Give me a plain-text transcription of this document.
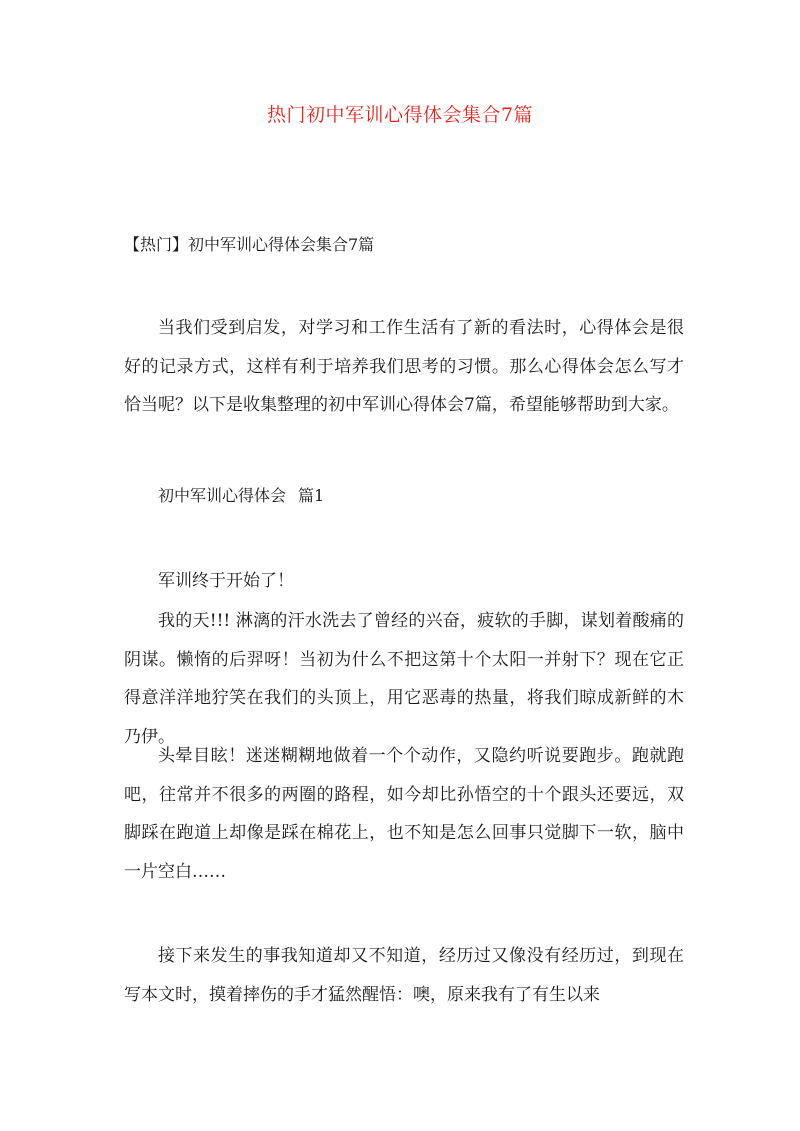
热门初中军训心得体会集合7篇
【热门】初中军训心得体会集合7篇

当我们受到启发，对学习和工作生活有了新的看法时，心得体会是很好的记录方式，这样有利于培养我们思考的习惯。那么心得体会怎么写才恰当呢？以下是收集整理的初中军训心得体会7篇，希望能够帮助到大家。

初中军训心得体会 篇1

军训终于开始了！

我的天!!! 淋漓的汗水洗去了曾经的兴奋，疲软的手脚，谋划着酸痛的阴谋。懒惰的后羿呀！当初为什么不把这第十个太阳一并射下？现在它正得意洋洋地狞笑在我们的头顶上，用它恶毒的热量，将我们晾成新鲜的木乃伊。

头晕目眩！迷迷糊糊地做着一个个动作，又隐约听说要跑步。跑就跑吧，往常并不很多的两圈的路程，如今却比孙悟空的十个跟头还要远，双脚踩在跑道上却像是踩在棉花上，也不知是怎么回事只觉脚下一软，脑中一片空白……

接下来发生的事我知道却又不知道，经历过又像没有经历过，到现在写本文时，摸着摔伤的手才猛然醒悟：噢，原来我有了有生以来
